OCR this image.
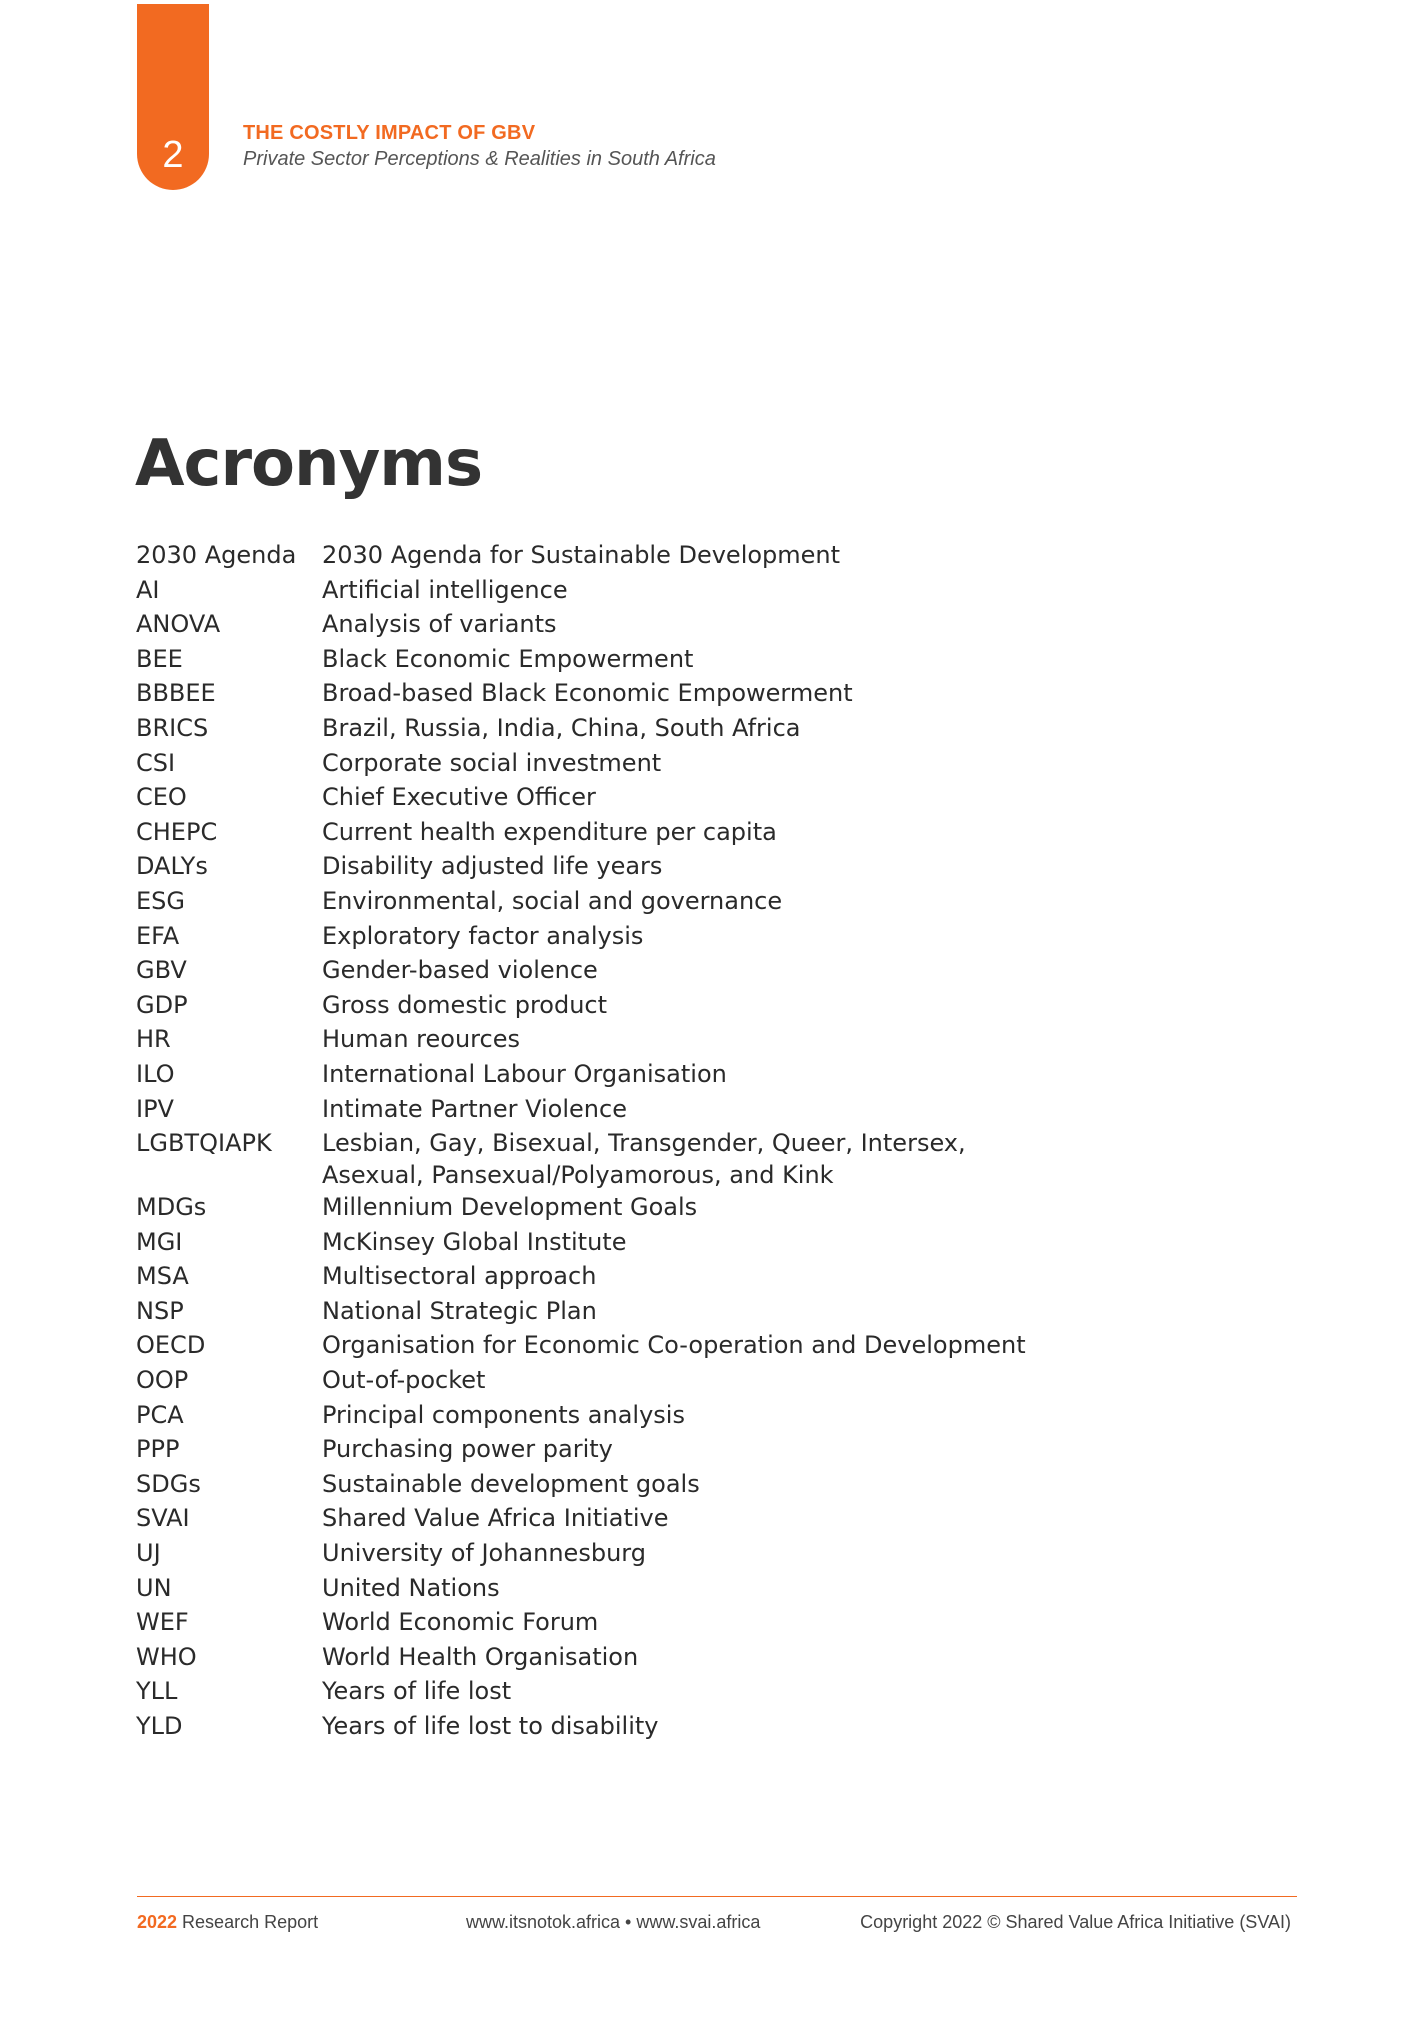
2
THE COSTLY IMPACT OF GBV
Private Sector Perceptions & Realities in South Africa
Acronyms
2030 Agenda	2030 Agenda for Sustainable Development
AI	Artificial intelligence
ANOVA	Analysis of variants
BEE	Black Economic Empowerment
BBBEE	Broad-based Black Economic Empowerment
BRICS	Brazil, Russia, India, China, South Africa
CSI	Corporate social investment
CEO	Chief Executive Officer
CHEPC	Current health expenditure per capita
DALYs	Disability adjusted life years
ESG	Environmental, social and governance
EFA	Exploratory factor analysis
GBV	Gender-based violence
GDP	Gross domestic product
HR	Human reources
ILO	International Labour Organisation
IPV	Intimate Partner Violence
LGBTQIAPK	Lesbian, Gay, Bisexual, Transgender, Queer, Intersex,
Asexual, Pansexual/Polyamorous, and Kink
MDGs	Millennium Development Goals
MGI	McKinsey Global Institute
MSA	Multisectoral approach
NSP	National Strategic Plan
OECD	Organisation for Economic Co-operation and Development
OOP	Out-of-pocket
PCA	Principal components analysis
PPP	Purchasing power parity
SDGs	Sustainable development goals
SVAI	Shared Value Africa Initiative
UJ	University of Johannesburg
UN	United Nations
WEF	World Economic Forum
WHO	World Health Organisation
YLL	Years of life lost
YLD	Years of life lost to disability
2022 Research Report	www.itsnotok.africa • www.svai.africa	Copyright 2022 © Shared Value Africa Initiative (SVAI)
